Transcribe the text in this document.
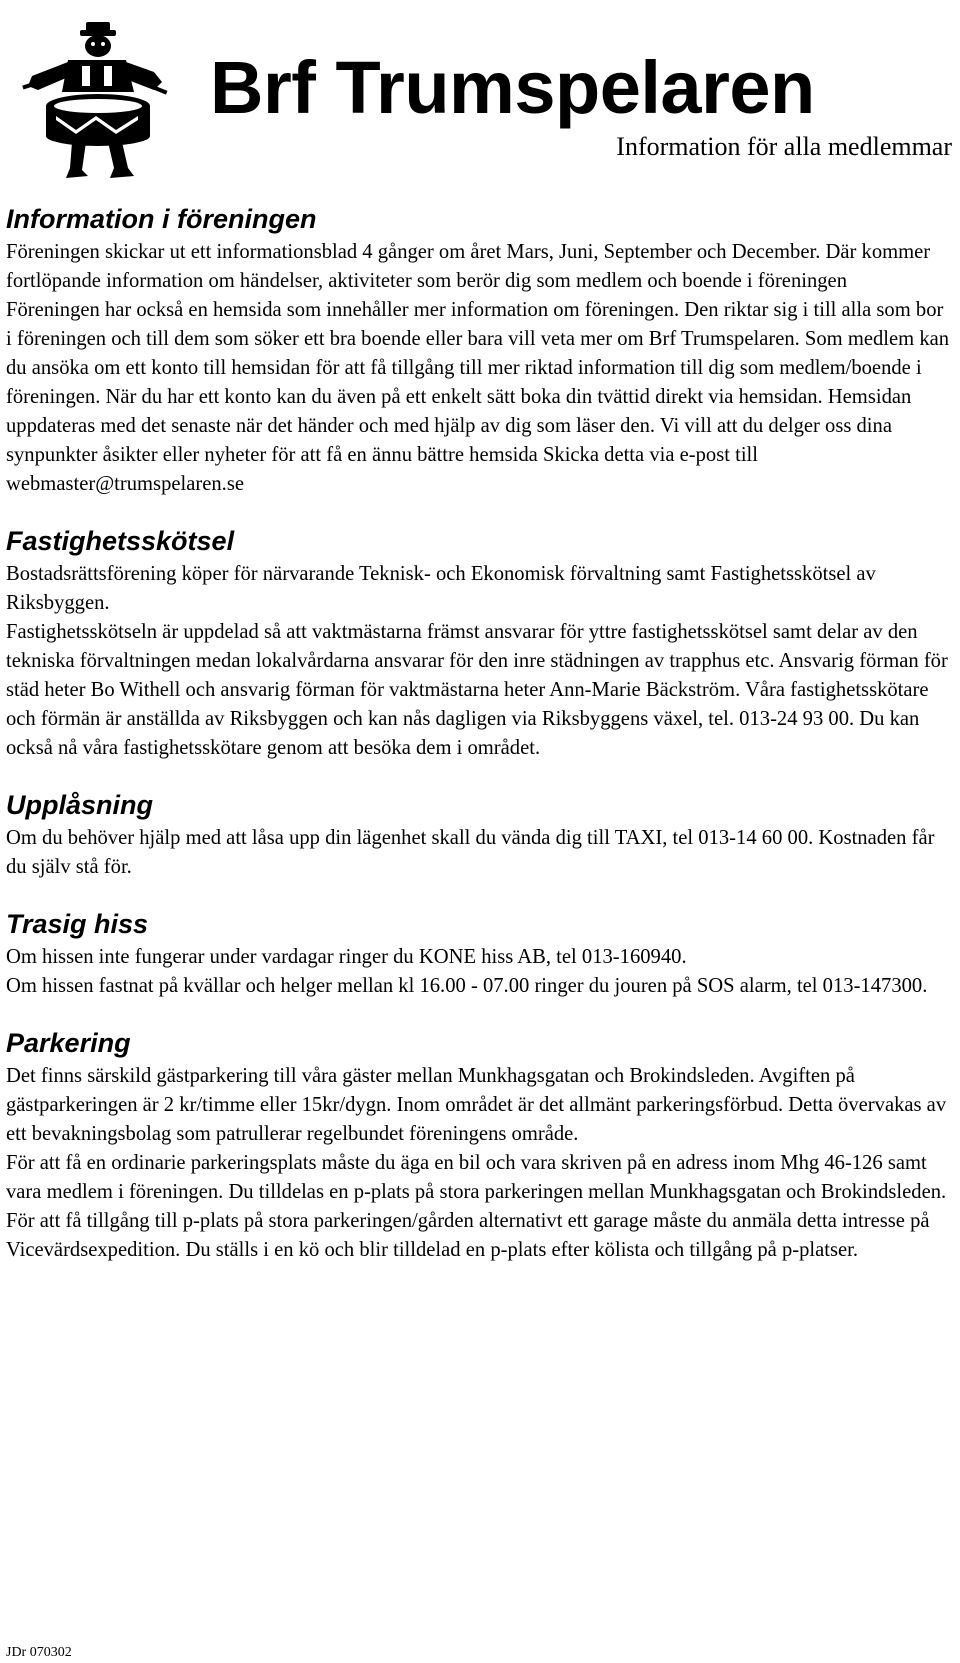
Brf Trumspelaren
Information för alla medlemmar
Information i föreningen

Föreningen skickar ut ett informationsblad 4 gånger om året Mars, Juni, September och December. Där kommer fortlöpande information om händelser, aktiviteter som berör dig som medlem och boende i föreningen

Föreningen har också en hemsida som innehåller mer information om föreningen. Den riktar sig i till alla som bor i föreningen och till dem som söker ett bra boende eller bara vill veta mer om Brf Trumspelaren. Som medlem kan du ansöka om ett konto till hemsidan för att få tillgång till mer riktad information till dig som medlem/boende i föreningen. När du har ett konto kan du även på ett enkelt sätt boka din tvättid direkt via hemsidan. Hemsidan uppdateras med det senaste när det händer och med hjälp av dig som läser den. Vi vill att du delger oss dina synpunkter åsikter eller nyheter för att få en ännu bättre hemsida Skicka detta via e-post till webmaster@trumspelaren.se

Fastighetsskötsel

Bostadsrättsförening köper för närvarande Teknisk- och Ekonomisk förvaltning samt Fastighetsskötsel av Riksbyggen.

Fastighetsskötseln är uppdelad så att vaktmästarna främst ansvarar för yttre fastighetsskötsel samt delar av den tekniska förvaltningen medan lokalvårdarna ansvarar för den inre städningen av trapphus etc. Ansvarig förman för städ heter Bo Withell och ansvarig förman för vaktmästarna heter Ann-Marie Bäckström. Våra fastighetsskötare och förmän är anställda av Riksbyggen och kan nås dagligen via Riksbyggens växel, tel. 013-24 93 00. Du kan också nå våra fastighetsskötare genom att besöka dem i området.

Upplåsning

Om du behöver hjälp med att låsa upp din lägenhet skall du vända dig till TAXI, tel 013-14 60 00. Kostnaden får du själv stå för.

Trasig hiss

Om hissen inte fungerar under vardagar ringer du KONE hiss AB, tel 013-160940.

Om hissen fastnat på kvällar och helger mellan kl 16.00 - 07.00 ringer du jouren på SOS alarm, tel 013-147300.

Parkering

Det finns särskild gästparkering till våra gäster mellan Munkhagsgatan och Brokindsleden. Avgiften på gästparkeringen är 2 kr/timme eller 15kr/dygn. Inom området är det allmänt parkeringsförbud. Detta övervakas av ett bevakningsbolag som patrullerar regelbundet föreningens område.

För att få en ordinarie parkeringsplats måste du äga en bil och vara skriven på en adress inom Mhg 46-126 samt vara medlem i föreningen. Du tilldelas en p-plats på stora parkeringen mellan Munkhagsgatan och Brokindsleden. För att få tillgång till p-plats på stora parkeringen/gården alternativt ett garage måste du anmäla detta intresse på Vicevärdsexpedition. Du ställs i en kö och blir tilldelad en p-plats efter kölista och tillgång på p-platser.

JDr 070302
